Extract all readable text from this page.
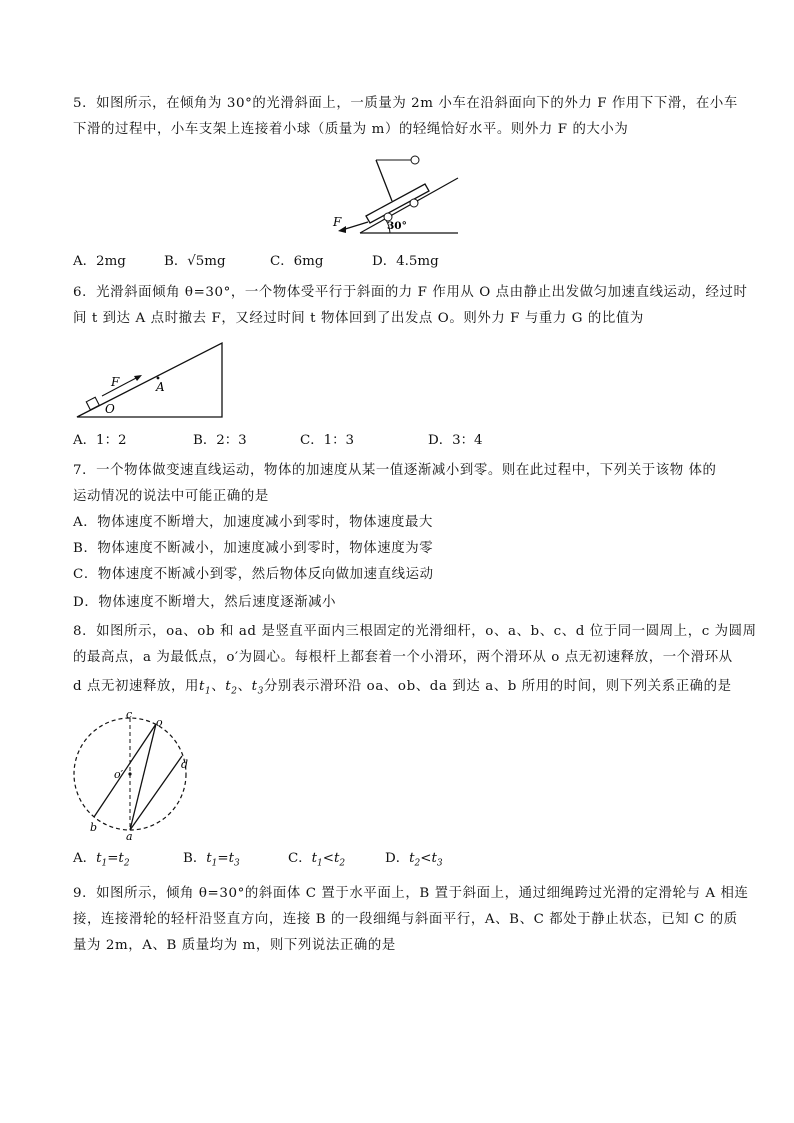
5．如图所示，在倾角为 30°的光滑斜面上，一质量为 2m 小车在沿斜面向下的外力 F 作用下下滑，在小车
下滑的过程中，小车支架上连接着小球（质量为 m）的轻绳恰好水平。则外力 F 的大小为
F	30°
A．2mg	B．√5mg	C．6mg	D．4.5mg
6．光滑斜面倾角 θ=30°，一个物体受平行于斜面的力 F 作用从 O 点由静止出发做匀加速直线运动，经过时
间 t 到达 A 点时撤去 F，又经过时间 t 物体回到了出发点 O。则外力 F 与重力 G 的比值为
F	A
O
A．1：2	B．2：3	C．1：3	D．3：4
7．一个物体做变速直线运动，物体的加速度从某一值逐渐减小到零。则在此过程中，下列关于该物 体的
运动情况的说法中可能正确的是
A．物体速度不断增大，加速度减小到零时，物体速度最大
B．物体速度不断减小，加速度减小到零时，物体速度为零
C．物体速度不断减小到零，然后物体反向做加速直线运动
D．物体速度不断增大，然后速度逐渐减小
8．如图所示，oa、ob 和 ad 是竖直平面内三根固定的光滑细杆，o、a、b、c、d 位于同一圆周上，c 为圆周
的最高点，a 为最低点，o′为圆心。每根杆上都套着一个小滑环，两个滑环从 o 点无初速释放，一个滑环从
d 点无初速释放，用$t_1$、$t_2$、$t_3$分别表示滑环沿 oa、ob、da 到达 a、b 所用的时间，则下列关系正确的是
c
o
o′
d
b
a
A．$t_1=t_2$	B．$t_1=t_3$	C．$t_1<t_2$	D．$t_2<t_3$
9．如图所示，倾角 θ=30°的斜面体 C 置于水平面上，B 置于斜面上，通过细绳跨过光滑的定滑轮与 A 相连
接，连接滑轮的轻杆沿竖直方向，连接 B 的一段细绳与斜面平行，A、B、C 都处于静止状态，已知 C 的质
量为 2m，A、B 质量均为 m，则下列说法正确的是
